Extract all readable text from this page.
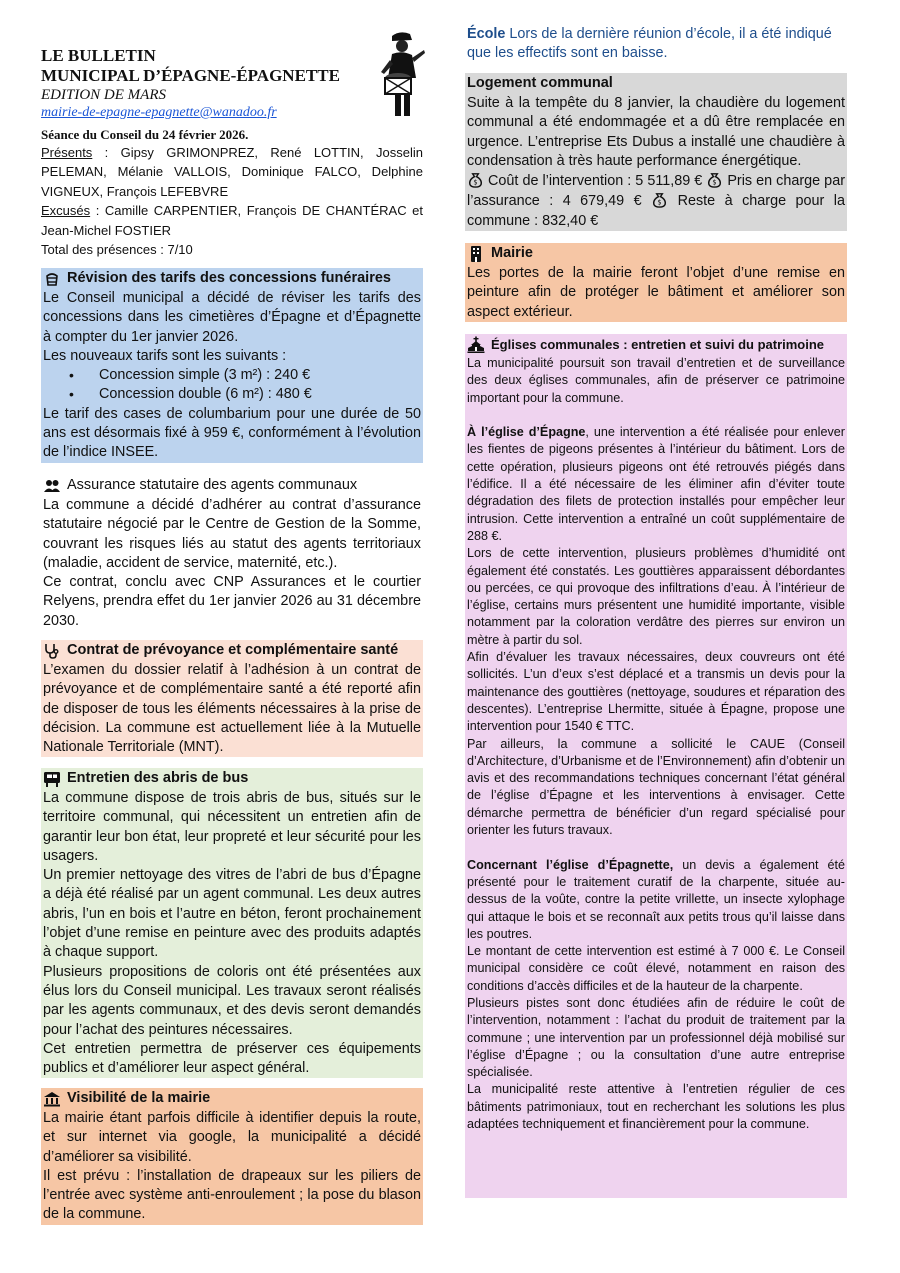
LE BULLETIN
MUNICIPAL D’ÉPAGNE-ÉPAGNETTE
EDITION DE MARS
mairie-de-epagne-epagnette@wanadoo.fr
Séance du Conseil du 24 février 2026.

Présents : Gipsy GRIMONPREZ, René LOTTIN, Josselin PELEMAN, Mélanie VALLOIS, Dominique FALCO, Delphine VIGNEUX, François LEFEBVRE

Excusés : Camille CARPENTIER, François DE CHANTÉRAC et Jean-Michel FOSTIER

Total des présences : 7/10

Révision des tarifs des concessions funéraires

Le Conseil municipal a décidé de réviser les tarifs des concessions dans les cimetières d’Épagne et d’Épagnette à compter du 1er janvier 2026.

Les nouveaux tarifs sont les suivants :

• Concession simple (3 m²) : 240 €
• Concession double (6 m²) : 480 €

Le tarif des cases de columbarium pour une durée de 50 ans est désormais fixé à 959 €, conformément à l’évolution de l’indice INSEE.

Assurance statutaire des agents communaux

La commune a décidé d’adhérer au contrat d’assurance statutaire négocié par le Centre de Gestion de la Somme, couvrant les risques liés au statut des agents territoriaux (maladie, accident de service, maternité, etc.).

Ce contrat, conclu avec CNP Assurances et le courtier Relyens, prendra effet du 1er janvier 2026 au 31 décembre 2030.

Contrat de prévoyance et complémentaire santé

L’examen du dossier relatif à l’adhésion à un contrat de prévoyance et de complémentaire santé a été reporté afin de disposer de tous les éléments nécessaires à la prise de décision. La commune est actuellement liée à la Mutuelle Nationale Territoriale (MNT).

Entretien des abris de bus

La commune dispose de trois abris de bus, situés sur le territoire communal, qui nécessitent un entretien afin de garantir leur bon état, leur propreté et leur sécurité pour les usagers.

Un premier nettoyage des vitres de l’abri de bus d’Épagne a déjà été réalisé par un agent communal. Les deux autres abris, l’un en bois et l’autre en béton, feront prochainement l’objet d’une remise en peinture avec des produits adaptés à chaque support.

Plusieurs propositions de coloris ont été présentées aux élus lors du Conseil municipal. Les travaux seront réalisés par les agents communaux, et des devis seront demandés pour l’achat des peintures nécessaires.

Cet entretien permettra de préserver ces équipements publics et d’améliorer leur aspect général.

Visibilité de la mairie

La mairie étant parfois difficile à identifier depuis la route, et sur internet via google, la municipalité a décidé d’améliorer sa visibilité.

Il est prévu : l’installation de drapeaux sur les piliers de l’entrée avec système anti-enroulement ; la pose du blason de la commune.

École Lors de la dernière réunion d’école, il a été indiqué que les effectifs sont en baisse.

Logement communal

Suite à la tempête du 8 janvier, la chaudière du logement communal a été endommagée et a dû être remplacée en urgence. L’entreprise Ets Dubus a installé une chaudière à condensation à très haute performance énergétique.

$ Coût de l’intervention : 5 511,89 € $ Pris en charge par l’assurance : 4 679,49 € $ Reste à charge pour la commune : 832,40 €

Mairie

Les portes de la mairie feront l’objet d’une remise en peinture afin de protéger le bâtiment et améliorer son aspect extérieur.

Églises communales : entretien et suivi du patrimoine

La municipalité poursuit son travail d’entretien et de surveillance des deux églises communales, afin de préserver ce patrimoine important pour la commune.

À l’église d’Épagne, une intervention a été réalisée pour enlever les fientes de pigeons présentes à l’intérieur du bâtiment. Lors de cette opération, plusieurs pigeons ont été retrouvés piégés dans l’édifice. Il a été nécessaire de les éliminer afin d’éviter toute dégradation des filets de protection installés pour empêcher leur intrusion. Cette intervention a entraîné un coût supplémentaire de 288 €.

Lors de cette intervention, plusieurs problèmes d’humidité ont également été constatés. Les gouttières apparaissent débordantes ou percées, ce qui provoque des infiltrations d’eau. À l’intérieur de l’église, certains murs présentent une humidité importante, visible notamment par la coloration verdâtre des pierres sur environ un mètre à partir du sol.

Afin d’évaluer les travaux nécessaires, deux couvreurs ont été sollicités. L’un d’eux s’est déplacé et a transmis un devis pour la maintenance des gouttières (nettoyage, soudures et réparation des descentes). L’entreprise Lhermitte, située à Épagne, propose une intervention pour 1540 € TTC.

Par ailleurs, la commune a sollicité le CAUE (Conseil d’Architecture, d’Urbanisme et de l’Environnement) afin d’obtenir un avis et des recommandations techniques concernant l’état général de l’église d’Épagne et les interventions à envisager. Cette démarche permettra de bénéficier d’un regard spécialisé pour orienter les futurs travaux.

Concernant l’église d’Épagnette, un devis a également été présenté pour le traitement curatif de la charpente, située au-dessus de la voûte, contre la petite vrillette, un insecte xylophage qui attaque le bois et se reconnaît aux petits trous qu’il laisse dans les poutres.

Le montant de cette intervention est estimé à 7 000 €. Le Conseil municipal considère ce coût élevé, notamment en raison des conditions d’accès difficiles et de la hauteur de la charpente.

Plusieurs pistes sont donc étudiées afin de réduire le coût de l’intervention, notamment : l’achat du produit de traitement par la commune ; une intervention par un professionnel déjà mobilisé sur l’église d’Épagne ; ou la consultation d’une autre entreprise spécialisée.

La municipalité reste attentive à l’entretien régulier de ces bâtiments patrimoniaux, tout en recherchant les solutions les plus adaptées techniquement et financièrement pour la commune.
